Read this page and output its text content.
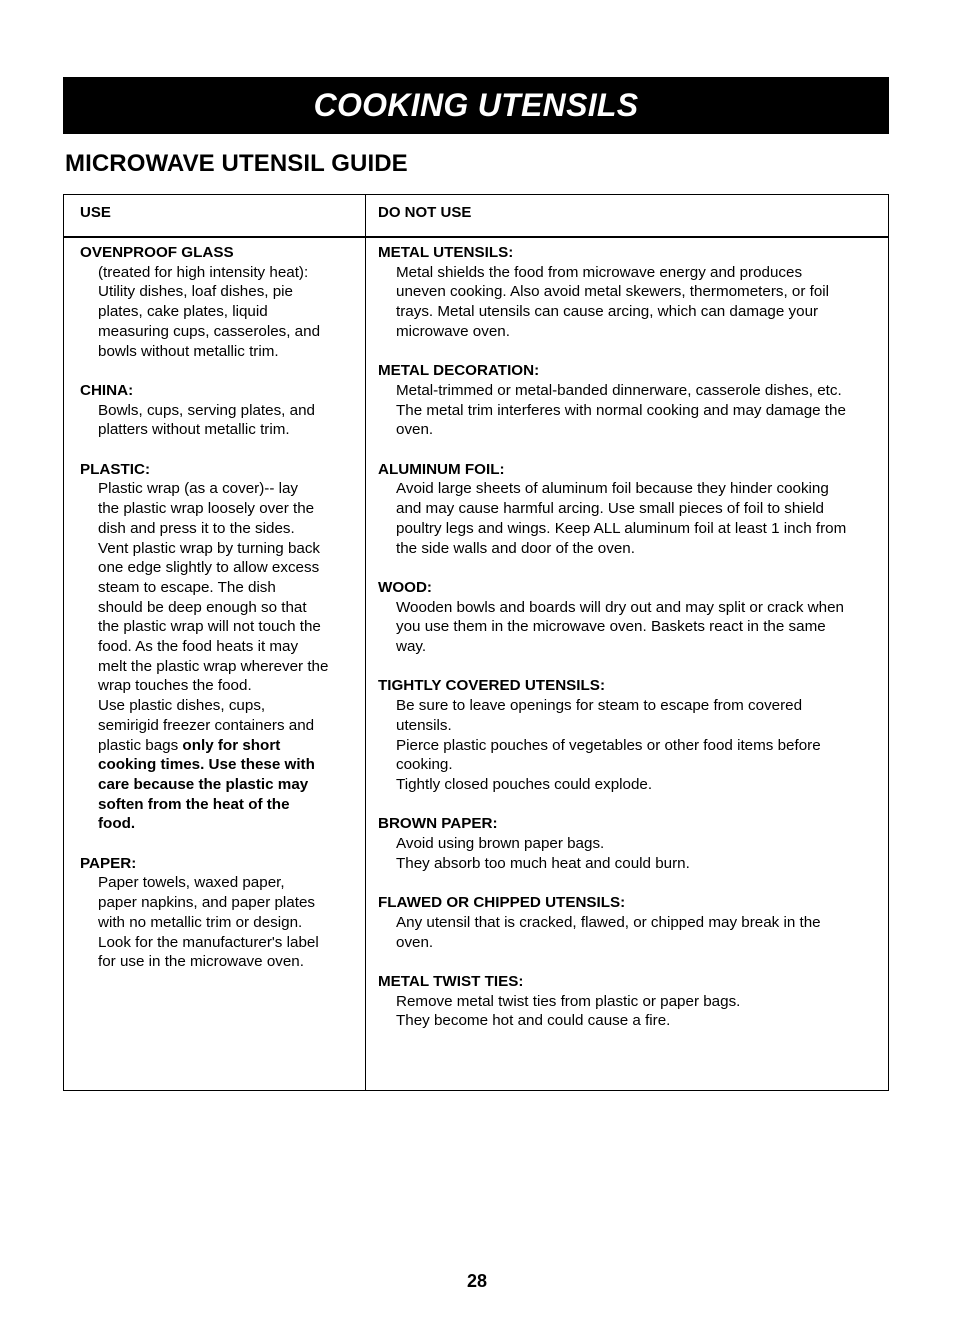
COOKING UTENSILS
MICROWAVE UTENSIL GUIDE
USE	DO NOT USE
OVENPROOF GLASS

(treated for high intensity heat):

Utility dishes, loaf dishes, pie

plates, cake plates, liquid

measuring cups, casseroles, and

bowls without metallic trim.

CHINA:

Bowls, cups, serving plates, and

platters without metallic trim.

PLASTIC:

Plastic wrap (as a cover)-- lay

the plastic wrap loosely over the

dish and press it to the sides.

Vent plastic wrap by turning back

one edge slightly to allow excess

steam to escape. The dish

should be deep enough so that

the plastic wrap will not touch the

food. As the food heats it may

melt the plastic wrap wherever the

wrap touches the food.

Use plastic dishes, cups,

semirigid freezer containers and

plastic bags only for short

cooking times. Use these with

care because the plastic may

soften from the heat of the

food.

PAPER:

Paper towels, waxed paper,

paper napkins, and paper plates

with no metallic trim or design.

Look for the manufacturer's label

for use in the microwave oven.

METAL UTENSILS:

Metal shields the food from microwave energy and produces

uneven cooking. Also avoid metal skewers, thermometers, or foil

trays. Metal utensils can cause arcing, which can damage your

microwave oven.

METAL DECORATION:

Metal-trimmed or metal-banded dinnerware, casserole dishes, etc.

The metal trim interferes with normal cooking and may damage the

oven.

ALUMINUM FOIL:

Avoid large sheets of aluminum foil because they hinder cooking

and may cause harmful arcing. Use small pieces of foil to shield

poultry legs and wings. Keep ALL aluminum foil at least 1 inch from

the side walls and door of the oven.

WOOD:

Wooden bowls and boards will dry out and may split or crack when

you use them in the microwave oven. Baskets react in the same

way.

TIGHTLY COVERED UTENSILS:

Be sure to leave openings for steam to escape from covered

utensils.

Pierce plastic pouches of vegetables or other food items before

cooking.

Tightly closed pouches could explode.

BROWN PAPER:

Avoid using brown paper bags.

They absorb too much heat and could burn.

FLAWED OR CHIPPED UTENSILS:

Any utensil that is cracked, flawed, or chipped may break in the

oven.

METAL TWIST TIES:

Remove metal twist ties from plastic or paper bags.

They become hot and could cause a fire.

28
